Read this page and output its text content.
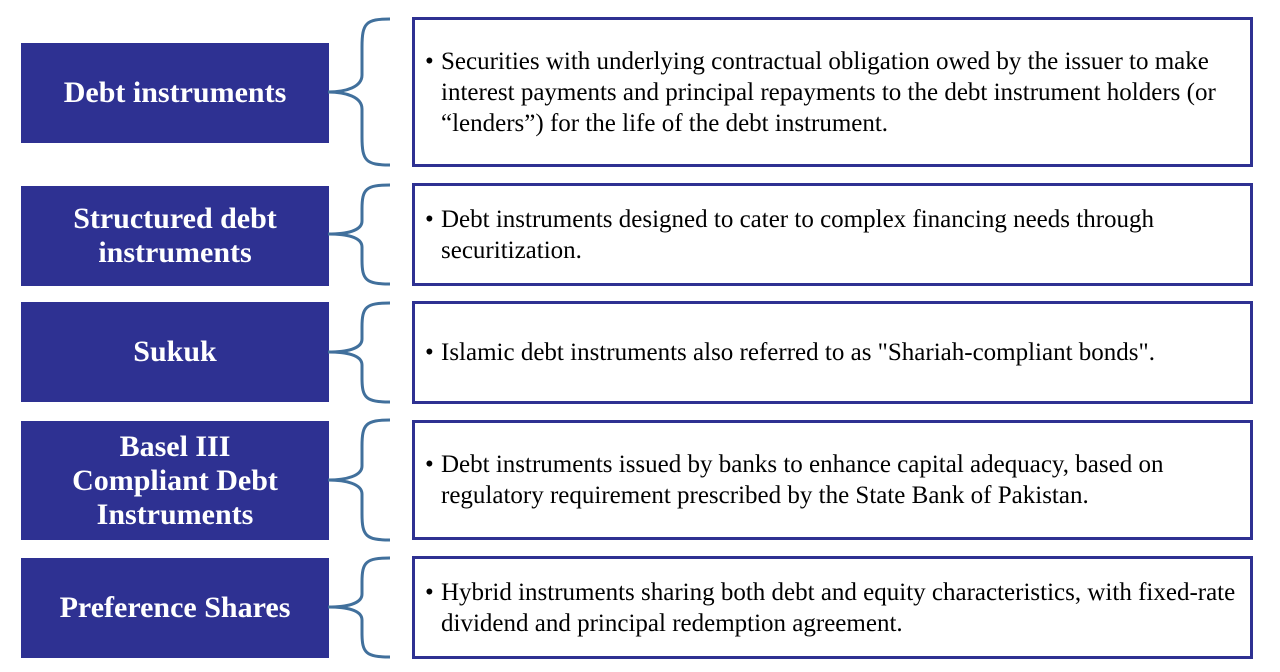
Debt instruments
• Securities with underlying contractual obligation owed by the issuer to make interest payments and principal repayments to the debt instrument holders (or “lenders”) for the life of the debt instrument.
Structured debt instruments
• Debt instruments designed to cater to complex financing needs through securitization.
Sukuk	• Islamic debt instruments also referred to as "Shariah-compliant bonds".
Basel III Compliant Debt Instruments
• Debt instruments issued by banks to enhance capital adequacy, based on regulatory requirement prescribed by the State Bank of Pakistan.
Preference Shares	• Hybrid instruments sharing both debt and equity characteristics, with fixed-rate dividend and principal redemption agreement.
